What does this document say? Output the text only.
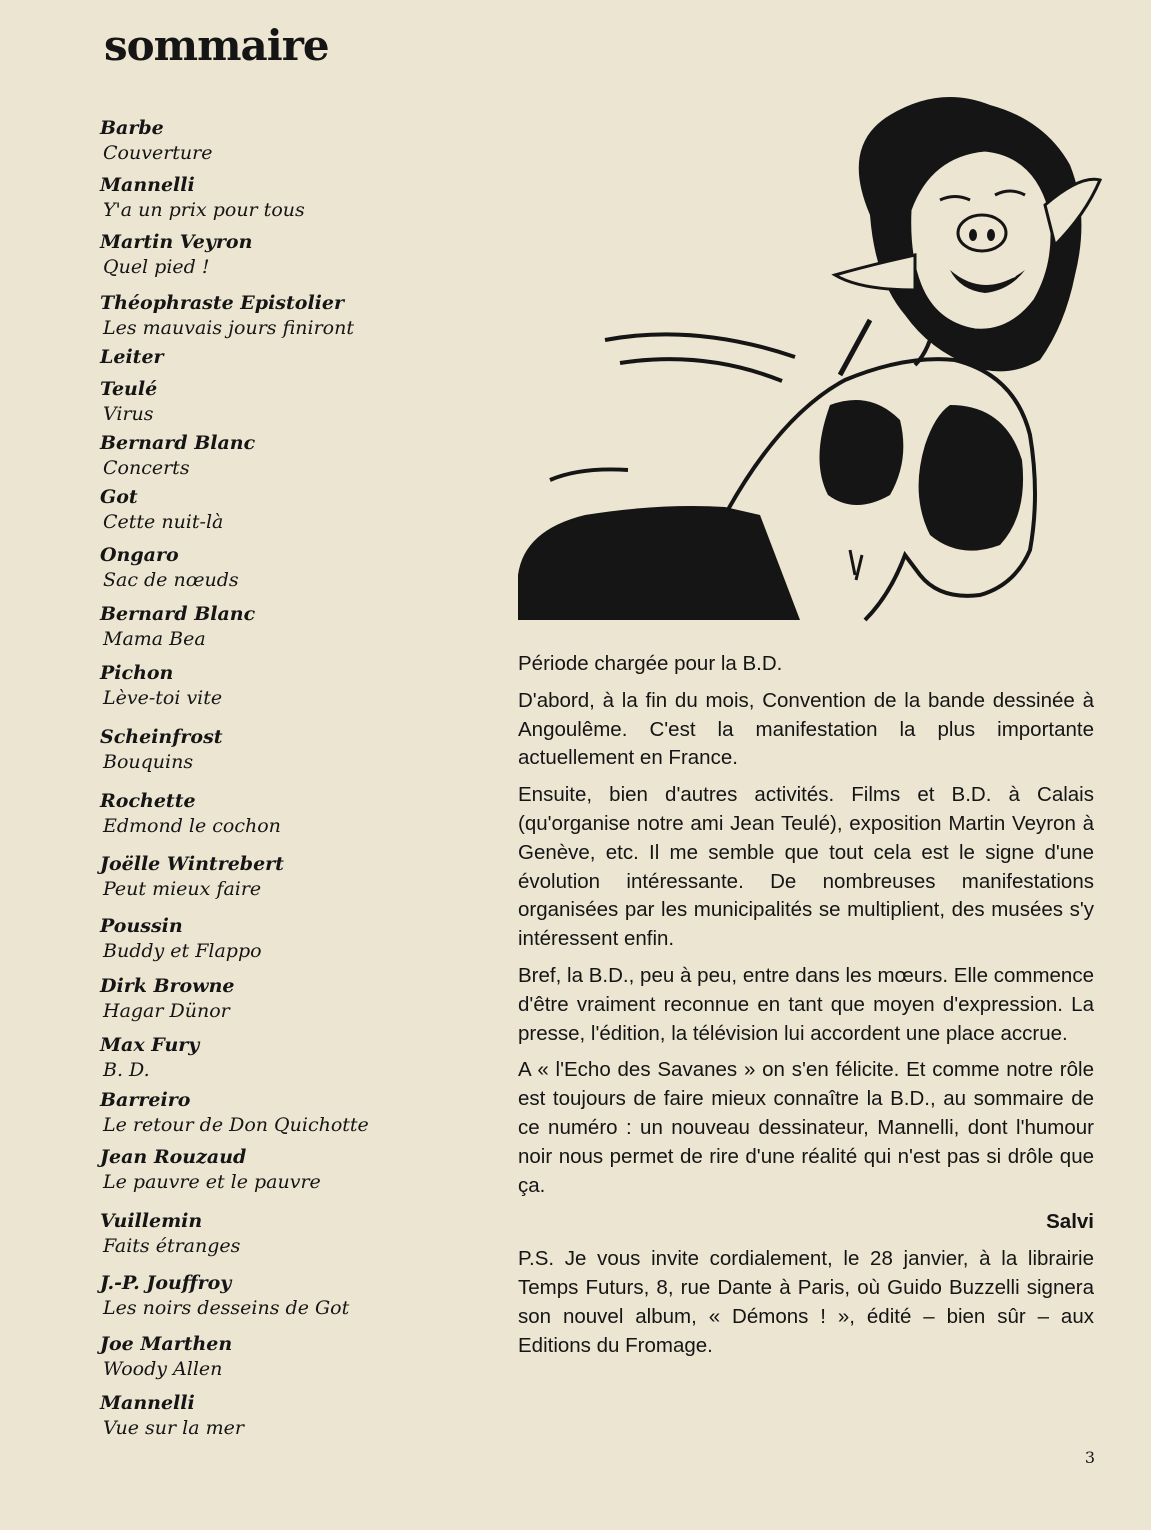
sommaire
Barbe
Couverture
Mannelli
Y'a un prix pour tous
Martin Veyron
Quel pied !
Théophraste Epistolier
Les mauvais jours finiront
Leiter
Teulé
Virus
Bernard Blanc
Concerts
Got
Cette nuit-là
Ongaro
Sac de nœuds
Bernard Blanc
Mama Bea
Pichon
Lève-toi vite
Scheinfrost
Bouquins
Rochette
Edmond le cochon
Joëlle Wintrebert
Peut mieux faire
Poussin
Buddy et Flappo
Dirk Browne
Hagar Dünor
Max Fury
B. D.
Barreiro
Le retour de Don Quichotte
Jean Rouzaud
Le pauvre et le pauvre
Vuillemin
Faits étranges
J.-P. Jouffroy
Les noirs desseins de Got
Joe Marthen
Woody Allen
Mannelli
Vue sur la mer

Période chargée pour la B.D.

D'abord, à la fin du mois, Convention de la bande dessinée à Angoulême. C'est la manifestation la plus importante actuellement en France.

Ensuite, bien d'autres activités. Films et B.D. à Calais (qu'organise notre ami Jean Teulé), exposition Martin Veyron à Genève, etc. Il me semble que tout cela est le signe d'une évolution intéressante. De nombreuses manifestations organisées par les municipalités se multiplient, des musées s'y intéressent enfin.

Bref, la B.D., peu à peu, entre dans les mœurs. Elle commence d'être vraiment reconnue en tant que moyen d'expression. La presse, l'édition, la télévision lui accordent une place accrue.

A « l'Echo des Savanes » on s'en félicite. Et comme notre rôle est toujours de faire mieux connaître la B.D., au sommaire de ce numéro : un nouveau dessinateur, Mannelli, dont l'humour noir nous permet de rire d'une réalité qui n'est pas si drôle que ça.

Salvi

P.S. Je vous invite cordialement, le 28 janvier, à la librairie Temps Futurs, 8, rue Dante à Paris, où Guido Buzzelli signera son nouvel album, « Démons ! », édité – bien sûr – aux Editions du Fromage.

3
